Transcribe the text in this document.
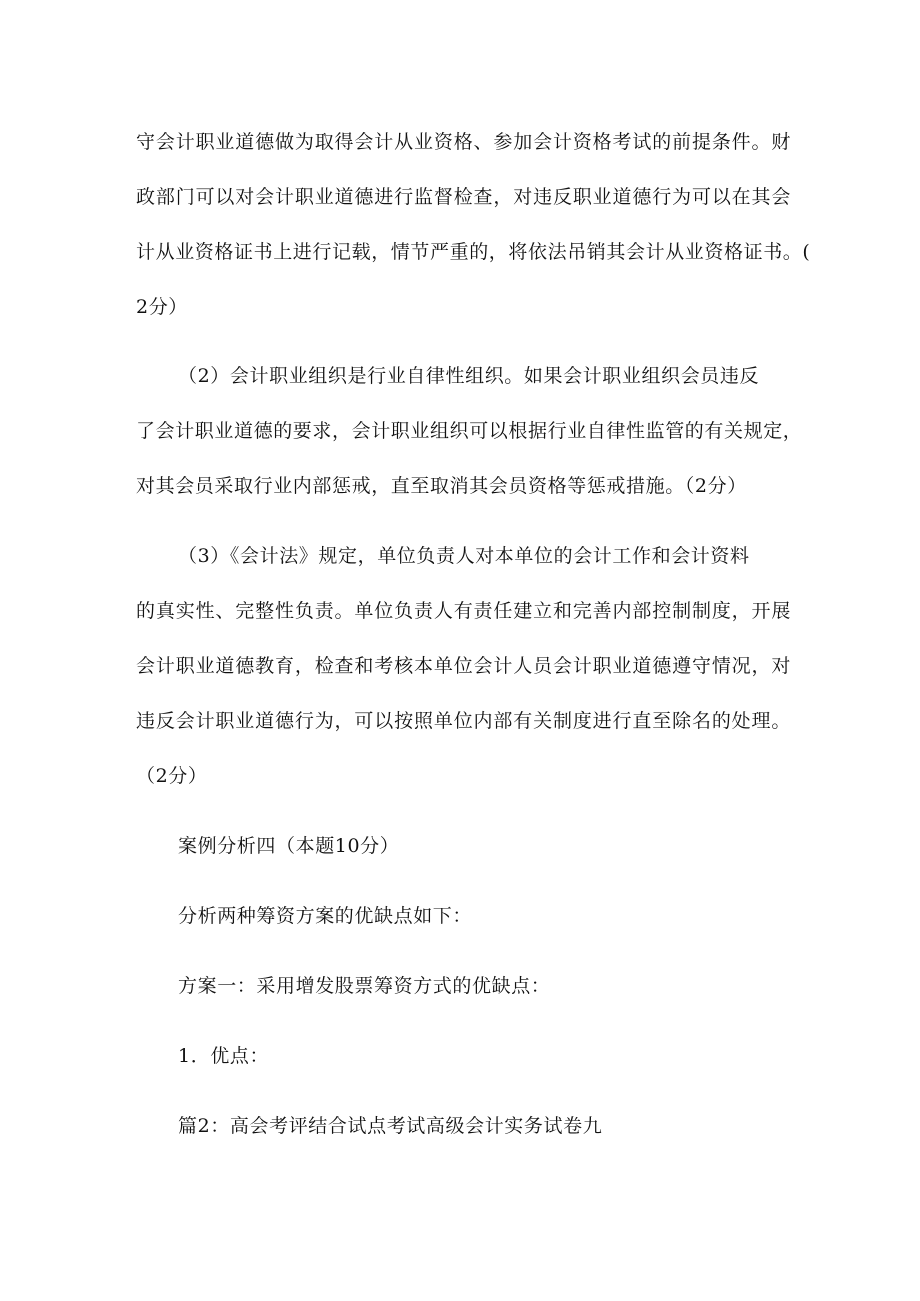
守会计职业道德做为取得会计从业资格、参加会计资格考试的前提条件。财

政部门可以对会计职业道德进行监督检查，对违反职业道德行为可以在其会

计从业资格证书上进行记载，情节严重的，将依法吊销其会计从业资格证书。(

2分）

（2）会计职业组织是行业自律性组织。如果会计职业组织会员违反

了会计职业道德的要求，会计职业组织可以根据行业自律性监管的有关规定，

对其会员采取行业内部惩戒，直至取消其会员资格等惩戒措施。（2分）

（3）《会计法》规定，单位负责人对本单位的会计工作和会计资料

的真实性、完整性负责。单位负责人有责任建立和完善内部控制制度，开展

会计职业道德教育，检查和考核本单位会计人员会计职业道德遵守情况，对

违反会计职业道德行为，可以按照单位内部有关制度进行直至除名的处理。

（2分）

案例分析四（本题10分）

分析两种筹资方案的优缺点如下：

方案一：采用增发股票筹资方式的优缺点：

1．优点：

篇2：高会考评结合试点考试高级会计实务试卷九
